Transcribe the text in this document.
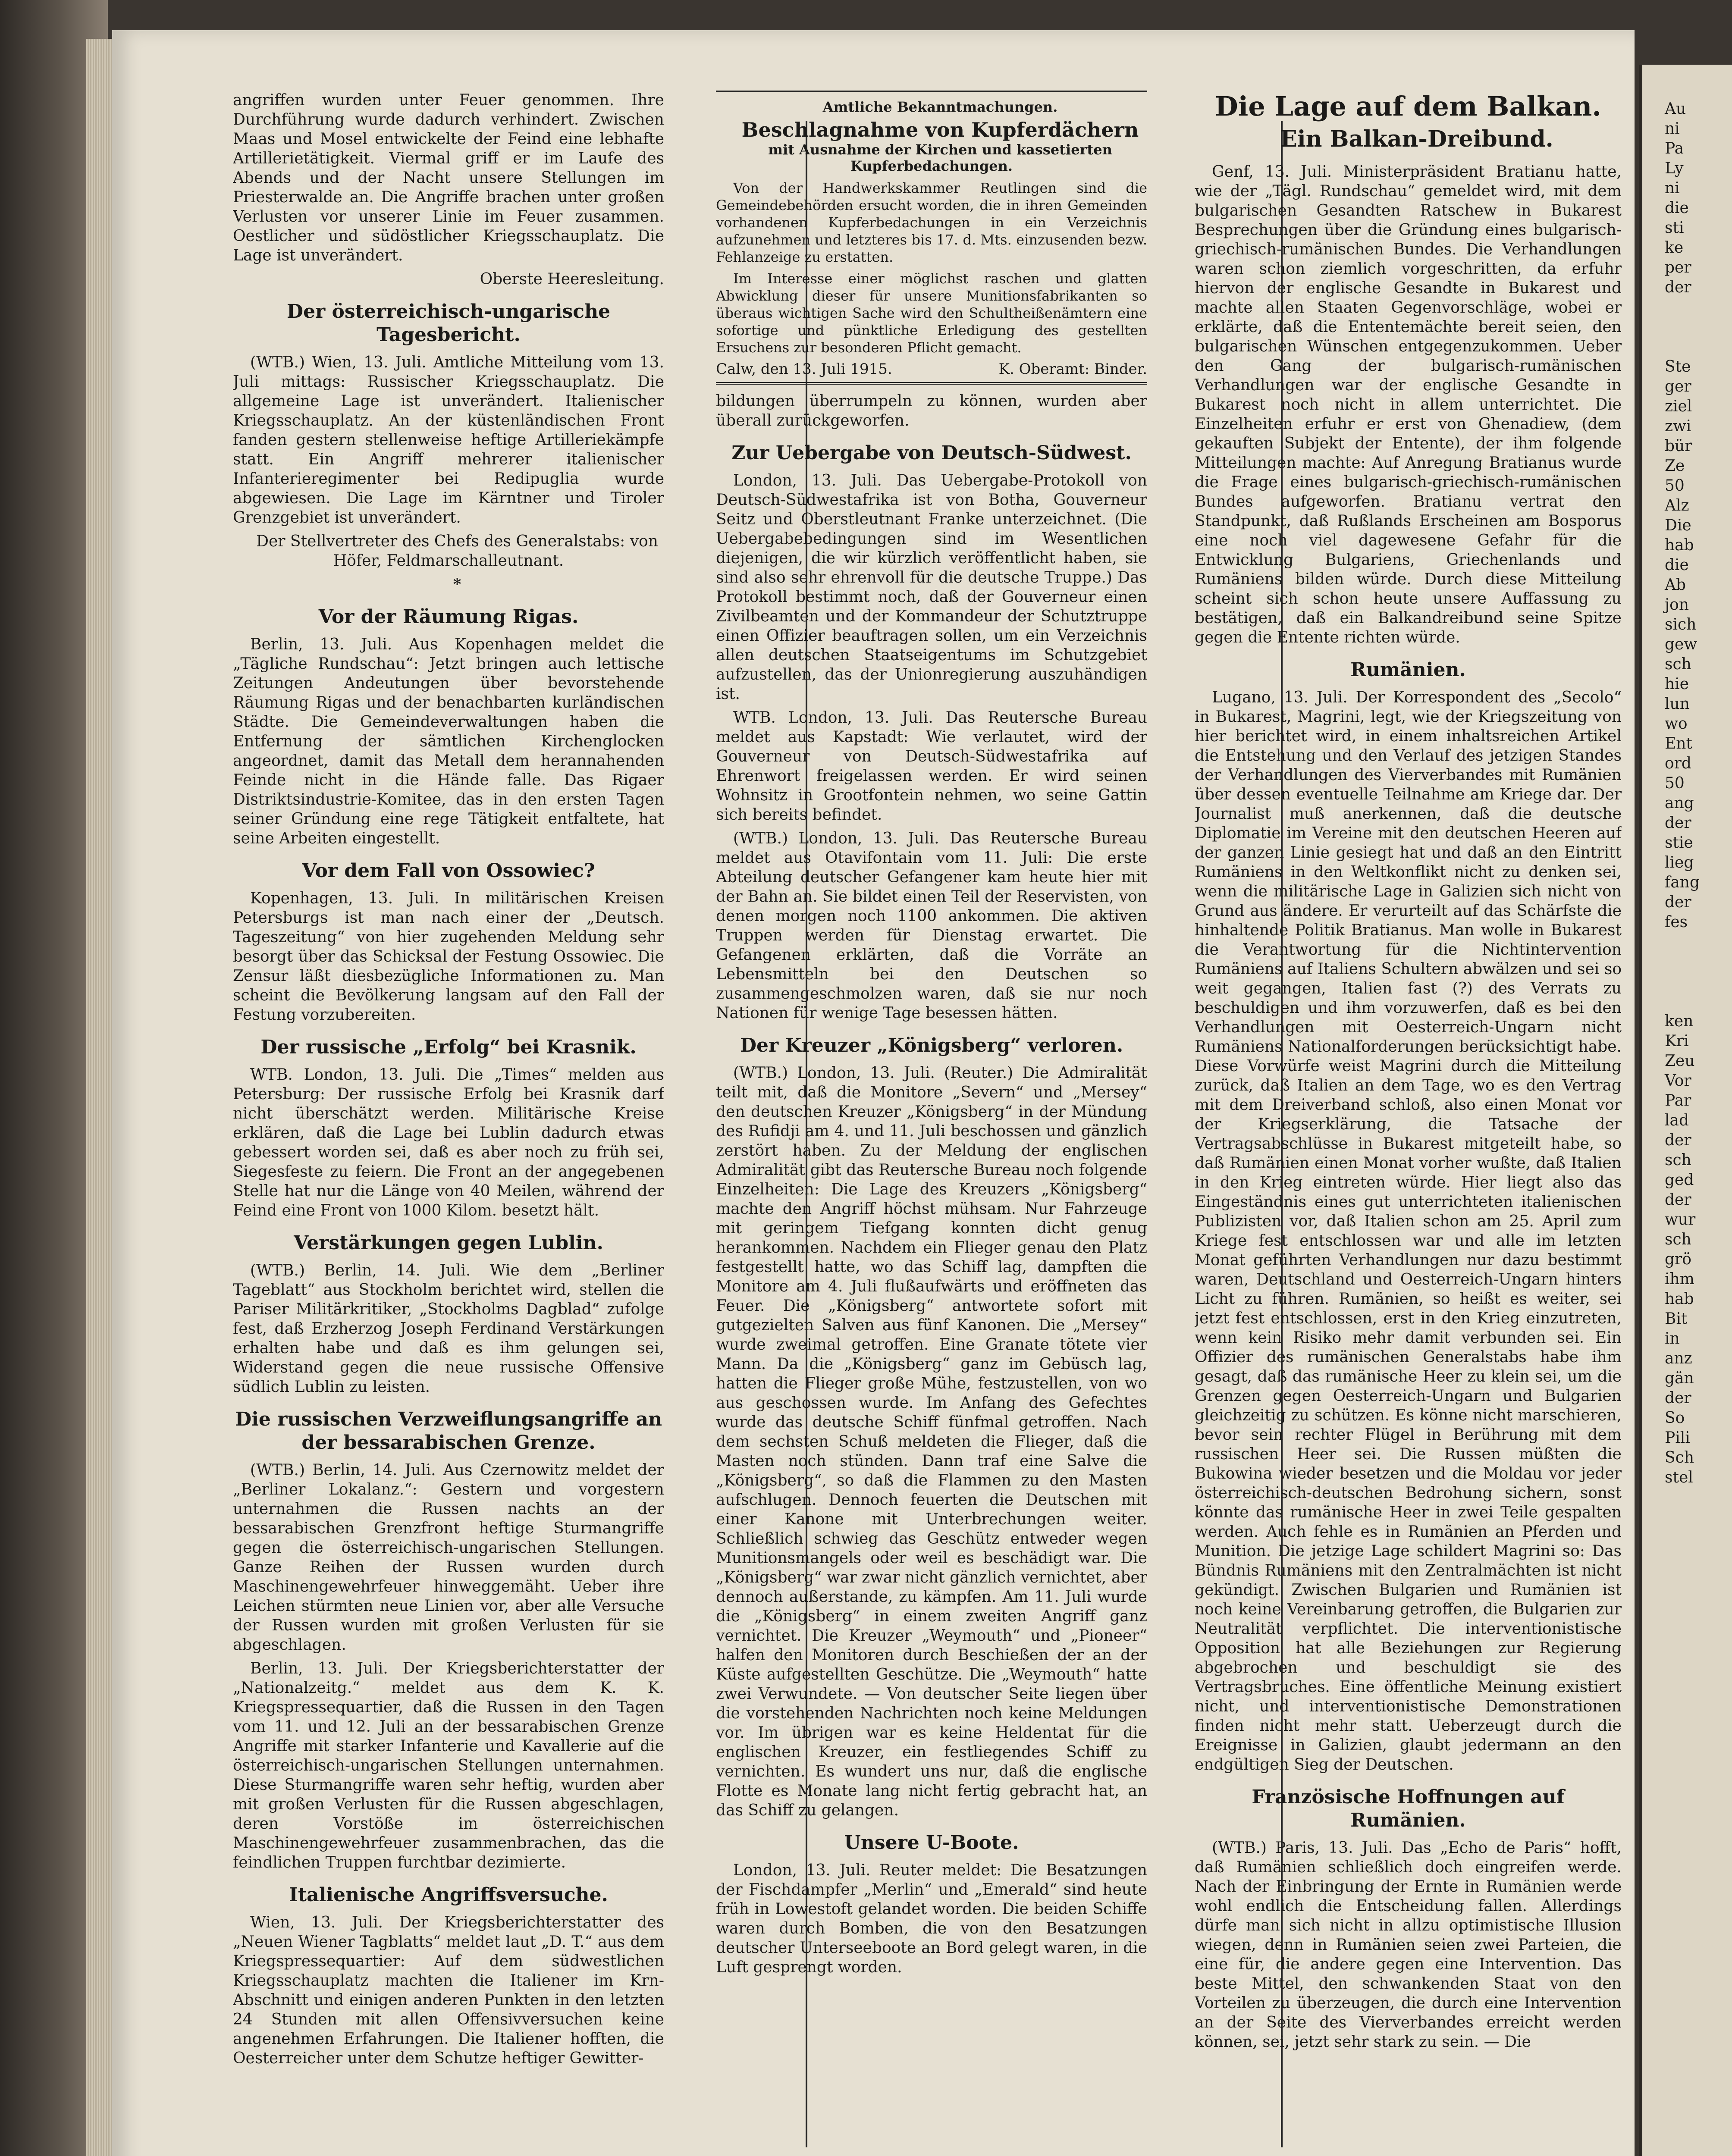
angriffen wurden unter Feuer genommen. Ihre Durchführung wurde dadurch verhindert. Zwischen Maas und Mosel entwickelte der Feind eine lebhafte Artillerietätigkeit. Viermal griff er im Laufe des Abends und der Nacht unsere Stellungen im Priesterwalde an. Die Angriffe brachen unter großen Verlusten vor unserer Linie im Feuer zusammen. Oestlicher und südöstlicher Kriegsschauplatz. Die Lage ist unverändert.

Oberste Heeresleitung.

Der österreichisch-ungarische Tagesbericht.

(WTB.) Wien, 13. Juli. Amtliche Mitteilung vom 13. Juli mittags: Russischer Kriegsschauplatz. Die allgemeine Lage ist unverändert. Italienischer Kriegsschauplatz. An der küstenländischen Front fanden gestern stellenweise heftige Artilleriekämpfe statt. Ein Angriff mehrerer italienischer Infanterieregimenter bei Redipuglia wurde abgewiesen. Die Lage im Kärntner und Tiroler Grenzgebiet ist unverändert.

Der Stellvertreter des Chefs des Generalstabs: von Höfer, Feldmarschalleutnant.

*

Vor der Räumung Rigas.

Berlin, 13. Juli. Aus Kopenhagen meldet die „Tägliche Rundschau“: Jetzt bringen auch lettische Zeitungen Andeutungen über bevorstehende Räumung Rigas und der benachbarten kurländischen Städte. Die Gemeindeverwaltungen haben die Entfernung der sämtlichen Kirchenglocken angeordnet, damit das Metall dem herannahenden Feinde nicht in die Hände falle. Das Rigaer Distriktsindustrie-Komitee, das in den ersten Tagen seiner Gründung eine rege Tätigkeit entfaltete, hat seine Arbeiten eingestellt.

Vor dem Fall von Ossowiec?

Kopenhagen, 13. Juli. In militärischen Kreisen Petersburgs ist man nach einer der „Deutsch. Tageszeitung“ von hier zugehenden Meldung sehr besorgt über das Schicksal der Festung Ossowiec. Die Zensur läßt diesbezügliche Informationen zu. Man scheint die Bevölkerung langsam auf den Fall der Festung vorzubereiten.

Der russische „Erfolg“ bei Krasnik.

WTB. London, 13. Juli. Die „Times“ melden aus Petersburg: Der russische Erfolg bei Krasnik darf nicht überschätzt werden. Militärische Kreise erklären, daß die Lage bei Lublin dadurch etwas gebessert worden sei, daß es aber noch zu früh sei, Siegesfeste zu feiern. Die Front an der angegebenen Stelle hat nur die Länge von 40 Meilen, während der Feind eine Front von 1000 Kilom. besetzt hält.

Verstärkungen gegen Lublin.

(WTB.) Berlin, 14. Juli. Wie dem „Berliner Tageblatt“ aus Stockholm berichtet wird, stellen die Pariser Militärkritiker, „Stockholms Dagblad“ zufolge fest, daß Erzherzog Joseph Ferdinand Verstärkungen erhalten habe und daß es ihm gelungen sei, Widerstand gegen die neue russische Offensive südlich Lublin zu leisten.

Die russischen Verzweiflungsangriffe an der bessarabischen Grenze.

(WTB.) Berlin, 14. Juli. Aus Czernowitz meldet der „Berliner Lokalanz.“: Gestern und vorgestern unternahmen die Russen nachts an der bessarabischen Grenzfront heftige Sturmangriffe gegen die österreichisch-ungarischen Stellungen. Ganze Reihen der Russen wurden durch Maschinengewehrfeuer hinweggemäht. Ueber ihre Leichen stürmten neue Linien vor, aber alle Versuche der Russen wurden mit großen Verlusten für sie abgeschlagen.

Berlin, 13. Juli. Der Kriegsberichterstatter der „Nationalzeitg.“ meldet aus dem K. K. Kriegspressequartier, daß die Russen in den Tagen vom 11. und 12. Juli an der bessarabischen Grenze Angriffe mit starker Infanterie und Kavallerie auf die österreichisch-ungarischen Stellungen unternahmen. Diese Sturmangriffe waren sehr heftig, wurden aber mit großen Verlusten für die Russen abgeschlagen, deren Vorstöße im österreichischen Maschinengewehrfeuer zusammenbrachen, das die feindlichen Truppen furchtbar dezimierte.

Italienische Angriffsversuche.

Wien, 13. Juli. Der Kriegsberichterstatter des „Neuen Wiener Tagblatts“ meldet laut „D. T.“ aus dem Kriegspressequartier: Auf dem südwestlichen Kriegsschauplatz machten die Italiener im Krn-Abschnitt und einigen anderen Punkten in den letzten 24 Stunden mit allen Offensivversuchen keine angenehmen Erfahrungen. Die Italiener hofften, die Oesterreicher unter dem Schutze heftiger Gewitter-

Amtliche Bekanntmachungen.

Beschlagnahme von Kupferdächern

mit Ausnahme der Kirchen und kassetierten Kupferbedachungen.

Von der Handwerkskammer Reutlingen sind die Gemeindebehörden ersucht worden, die in ihren Gemeinden vorhandenen Kupferbedachungen in ein Verzeichnis aufzunehmen und letzteres bis 17. d. Mts. einzusenden bezw. Fehlanzeige zu erstatten.

Im Interesse einer möglichst raschen und glatten Abwicklung dieser für unsere Munitionsfabrikanten so überaus wichtigen Sache wird den Schultheißenämtern eine sofortige und pünktliche Erledigung des gestellten Ersuchens zur besonderen Pflicht gemacht.

Calw, den 13. Juli 1915.	K. Oberamt: Binder.

bildungen überrumpeln zu können, wurden aber überall zurückgeworfen.

Zur Uebergabe von Deutsch-Südwest.

London, 13. Juli. Das Uebergabe-Protokoll von Deutsch-Südwestafrika ist von Botha, Gouverneur Seitz und Oberstleutnant Franke unterzeichnet. (Die Uebergabebedingungen sind im Wesentlichen diejenigen, die wir kürzlich veröffentlicht haben, sie sind also sehr ehrenvoll für die deutsche Truppe.) Das Protokoll bestimmt noch, daß der Gouverneur einen Zivilbeamten und der Kommandeur der Schutztruppe einen Offizier beauftragen sollen, um ein Verzeichnis allen deutschen Staatseigentums im Schutzgebiet aufzustellen, das der Unionregierung auszuhändigen ist.

WTB. London, 13. Juli. Das Reutersche Bureau meldet aus Kapstadt: Wie verlautet, wird der Gouverneur von Deutsch-Südwestafrika auf Ehrenwort freigelassen werden. Er wird seinen Wohnsitz in Grootfontein nehmen, wo seine Gattin sich bereits befindet.

(WTB.) London, 13. Juli. Das Reutersche Bureau meldet aus Otavifontain vom 11. Juli: Die erste Abteilung deutscher Gefangener kam heute hier mit der Bahn an. Sie bildet einen Teil der Reservisten, von denen morgen noch 1100 ankommen. Die aktiven Truppen werden für Dienstag erwartet. Die Gefangenen erklärten, daß die Vorräte an Lebensmitteln bei den Deutschen so zusammengeschmolzen waren, daß sie nur noch Nationen für wenige Tage besessen hätten.

Der Kreuzer „Königsberg“ verloren.

(WTB.) London, 13. Juli. (Reuter.) Die Admiralität teilt mit, daß die Monitore „Severn“ und „Mersey“ den deutschen Kreuzer „Königsberg“ in der Mündung des Rufidji am 4. und 11. Juli beschossen und gänzlich zerstört haben. Zu der Meldung der englischen Admiralität gibt das Reutersche Bureau noch folgende Einzelheiten: Die Lage des Kreuzers „Königsberg“ machte den Angriff höchst mühsam. Nur Fahrzeuge mit geringem Tiefgang konnten dicht genug herankommen. Nachdem ein Flieger genau den Platz festgestellt hatte, wo das Schiff lag, dampften die Monitore am 4. Juli flußaufwärts und eröffneten das Feuer. Die „Königsberg“ antwortete sofort mit gutgezielten Salven aus fünf Kanonen. Die „Mersey“ wurde zweimal getroffen. Eine Granate tötete vier Mann. Da die „Königsberg“ ganz im Gebüsch lag, hatten die Flieger große Mühe, festzustellen, von wo aus geschossen wurde. Im Anfang des Gefechtes wurde das deutsche Schiff fünfmal getroffen. Nach dem sechsten Schuß meldeten die Flieger, daß die Masten noch stünden. Dann traf eine Salve die „Königsberg“, so daß die Flammen zu den Masten aufschlugen. Dennoch feuerten die Deutschen mit einer Kanone mit Unterbrechungen weiter. Schließlich schwieg das Geschütz entweder wegen Munitionsmangels oder weil es beschädigt war. Die „Königsberg“ war zwar nicht gänzlich vernichtet, aber dennoch außerstande, zu kämpfen. Am 11. Juli wurde die „Königsberg“ in einem zweiten Angriff ganz vernichtet. Die Kreuzer „Weymouth“ und „Pioneer“ halfen den Monitoren durch Beschießen der an der Küste aufgestellten Geschütze. Die „Weymouth“ hatte zwei Verwundete. — Von deutscher Seite liegen über die vorstehenden Nachrichten noch keine Meldungen vor. Im übrigen war es keine Heldentat für die englischen Kreuzer, ein festliegendes Schiff zu vernichten. Es wundert uns nur, daß die englische Flotte es Monate lang nicht fertig gebracht hat, an das Schiff zu gelangen.

Unsere U-Boote.

London, 13. Juli. Reuter meldet: Die Besatzungen der Fischdampfer „Merlin“ und „Emerald“ sind heute früh in Lowestoft gelandet worden. Die beiden Schiffe waren durch Bomben, die von den Besatzungen deutscher Unterseeboote an Bord gelegt waren, in die Luft gesprengt worden.

Die Lage auf dem Balkan.

Ein Balkan-Dreibund.

Genf, 13. Juli. Ministerpräsident Bratianu hatte, wie der „Tägl. Rundschau“ gemeldet wird, mit dem bulgarischen Gesandten Ratschew in Bukarest Besprechungen über die Gründung eines bulgarisch-griechisch-rumänischen Bundes. Die Verhandlungen waren schon ziemlich vorgeschritten, da erfuhr hiervon der englische Gesandte in Bukarest und machte allen Staaten Gegenvorschläge, wobei er erklärte, daß die Ententemächte bereit seien, den bulgarischen Wünschen entgegenzukommen. Ueber den Gang der bulgarisch-rumänischen Verhandlungen war der englische Gesandte in Bukarest noch nicht in allem unterrichtet. Die Einzelheiten erfuhr er erst von Ghenadiew, (dem gekauften Subjekt der Entente), der ihm folgende Mitteilungen machte: Auf Anregung Bratianus wurde die Frage eines bulgarisch-griechisch-rumänischen Bundes aufgeworfen. Bratianu vertrat den Standpunkt, daß Rußlands Erscheinen am Bosporus eine noch viel dagewesene Gefahr für die Entwicklung Bulgariens, Griechenlands und Rumäniens bilden würde. Durch diese Mitteilung scheint sich schon heute unsere Auffassung zu bestätigen, daß ein Balkandreibund seine Spitze gegen die Entente richten würde.

Rumänien.

Lugano, 13. Juli. Der Korrespondent des „Secolo“ in Bukarest, Magrini, legt, wie der Kriegszeitung von hier berichtet wird, in einem inhaltsreichen Artikel die Entstehung und den Verlauf des jetzigen Standes der Verhandlungen des Vierverbandes mit Rumänien über dessen eventuelle Teilnahme am Kriege dar. Der Journalist muß anerkennen, daß die deutsche Diplomatie im Vereine mit den deutschen Heeren auf der ganzen Linie gesiegt hat und daß an den Eintritt Rumäniens in den Weltkonflikt nicht zu denken sei, wenn die militärische Lage in Galizien sich nicht von Grund aus ändere. Er verurteilt auf das Schärfste die hinhaltende Politik Bratianus. Man wolle in Bukarest die Verantwortung für die Nichtintervention Rumäniens auf Italiens Schultern abwälzen und sei so weit gegangen, Italien fast (?) des Verrats zu beschuldigen und ihm vorzuwerfen, daß es bei den Verhandlungen mit Oesterreich-Ungarn nicht Rumäniens Nationalforderungen berücksichtigt habe. Diese Vorwürfe weist Magrini durch die Mitteilung zurück, daß Italien an dem Tage, wo es den Vertrag mit dem Dreiverband schloß, also einen Monat vor der Kriegserklärung, die Tatsache der Vertragsabschlüsse in Bukarest mitgeteilt habe, so daß Rumänien einen Monat vorher wußte, daß Italien in den Krieg eintreten würde. Hier liegt also das Eingeständnis eines gut unterrichteten italienischen Publizisten vor, daß Italien schon am 25. April zum Kriege fest entschlossen war und alle im letzten Monat geführten Verhandlungen nur dazu bestimmt waren, Deutschland und Oesterreich-Ungarn hinters Licht zu führen. Rumänien, so heißt es weiter, sei jetzt fest entschlossen, erst in den Krieg einzutreten, wenn kein Risiko mehr damit verbunden sei. Ein Offizier des rumänischen Generalstabs habe ihm gesagt, daß das rumänische Heer zu klein sei, um die Grenzen gegen Oesterreich-Ungarn und Bulgarien gleichzeitig zu schützen. Es könne nicht marschieren, bevor sein rechter Flügel in Berührung mit dem russischen Heer sei. Die Russen müßten die Bukowina wieder besetzen und die Moldau vor jeder österreichisch-deutschen Bedrohung sichern, sonst könnte das rumänische Heer in zwei Teile gespalten werden. Auch fehle es in Rumänien an Pferden und Munition. Die jetzige Lage schildert Magrini so: Das Bündnis Rumäniens mit den Zentralmächten ist nicht gekündigt. Zwischen Bulgarien und Rumänien ist noch keine Vereinbarung getroffen, die Bulgarien zur Neutralität verpflichtet. Die interventionistische Opposition hat alle Beziehungen zur Regierung abgebrochen und beschuldigt sie des Vertragsbruches. Eine öffentliche Meinung existiert nicht, und interventionistische Demonstrationen finden nicht mehr statt. Ueberzeugt durch die Ereignisse in Galizien, glaubt jedermann an den endgültigen Sieg der Deutschen.

Französische Hoffnungen auf Rumänien.

(WTB.) Paris, 13. Juli. Das „Echo de Paris“ hofft, daß Rumänien schließlich doch eingreifen werde. Nach der Einbringung der Ernte in Rumänien werde wohl endlich die Entscheidung fallen. Allerdings dürfe man sich nicht in allzu optimistische Illusion wiegen, denn in Rumänien seien zwei Parteien, die eine für, die andere gegen eine Intervention. Das beste Mittel, den schwankenden Staat von den Vorteilen zu überzeugen, die durch eine Intervention an der Seite des Vierverbandes erreicht werden können, sei, jetzt sehr stark zu sein. — Die

Au

ni

Pa

Ly

ni

die

sti

ke

per

der

Ste

ger

ziel

zwi

bür

Ze

50

Alz

Die

hab

die

Ab

jon

sich

gew

sch

hie

lun

wo

Ent

ord

50

ang

der

stie

lieg

fang

der

fes

ken

Kri

Zeu

Vor

Par

lad

der

sch

ged

der

wur

sch

grö

ihm

hab

Bit

in

anz

gän

der

So

Pili

Sch

stel
